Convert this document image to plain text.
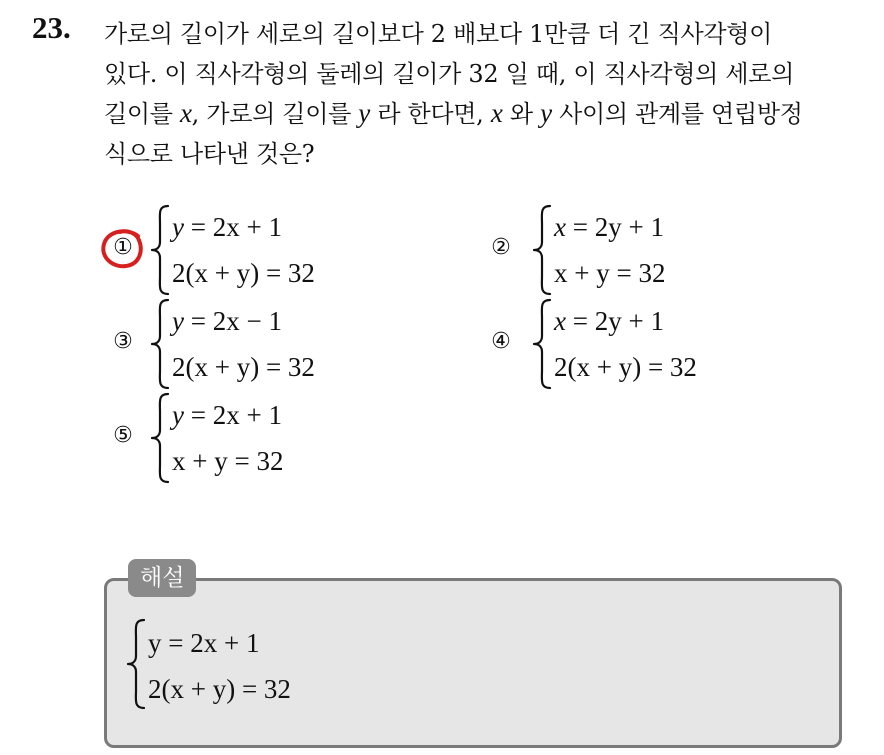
23. 가로의 길이가 세로의 길이보다 2 배보다 1만큼 더 긴 직사각형이
있다. 이 직사각형의 둘레의 길이가 32 일 때, 이 직사각형의 세로의
길이를 x, 가로의 길이를 y 라 한다면, x 와 y 사이의 관계를 연립방정
식으로 나타낸 것은?
①
y = 2x + 1
2(x + y) = 32
②
x = 2y + 1
x + y = 32
③
y = 2x − 1
2(x + y) = 32
④
x = 2y + 1
2(x + y) = 32
⑤
y = 2x + 1
x + y = 32
해설
y = 2x + 1
2(x + y) = 32
